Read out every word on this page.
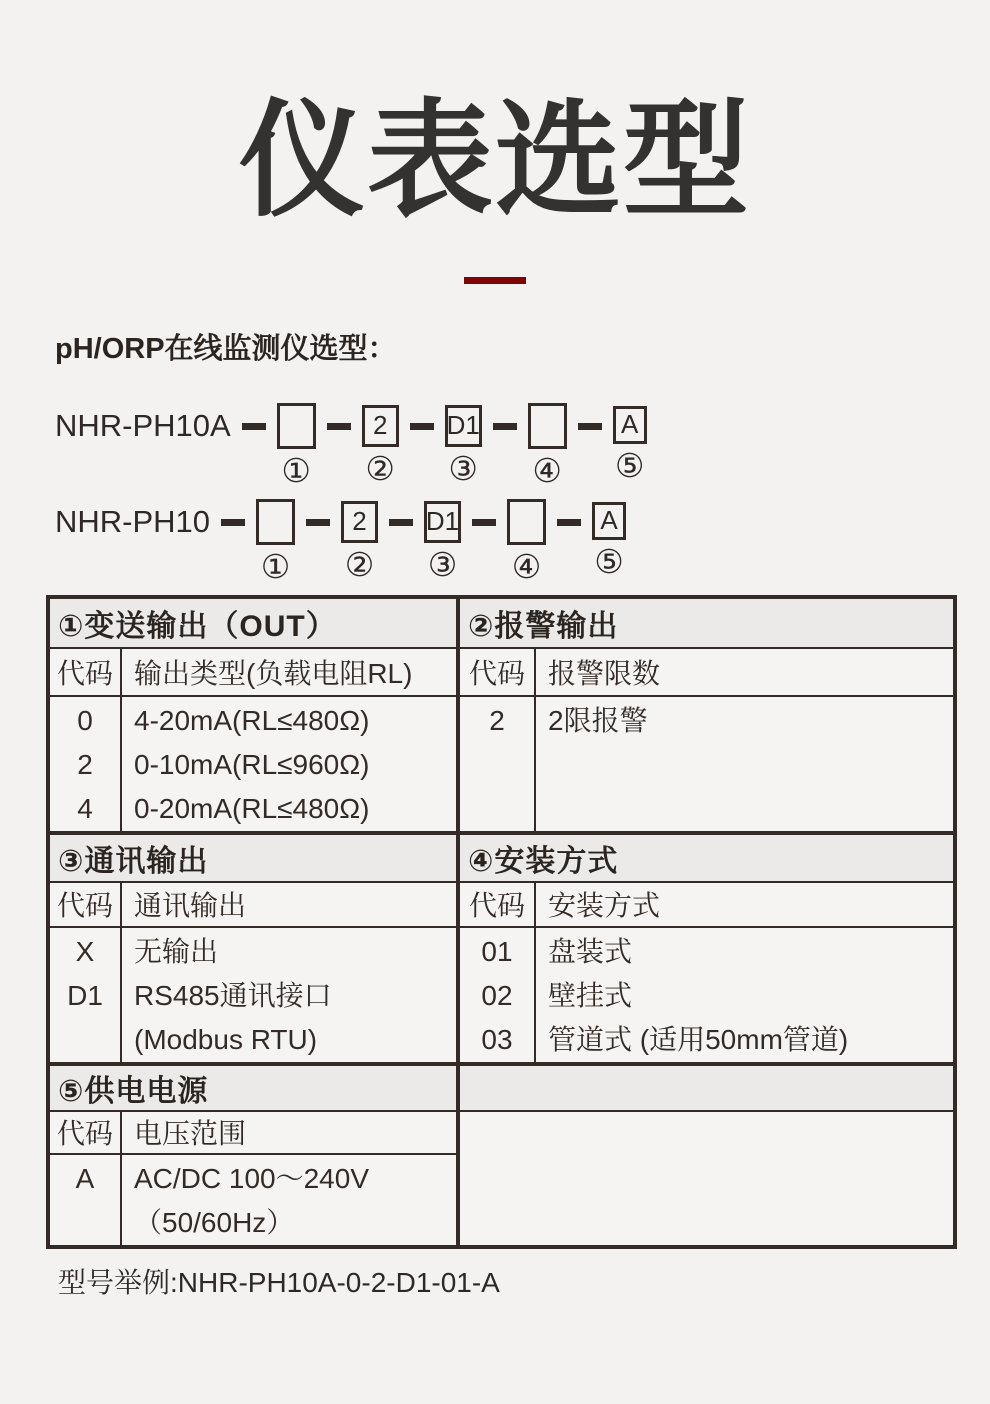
仪表选型
pH/ORP在线监测仪选型：
NHR-PH10A
①
2
②
D1
③ ④
A
⑤
NHR-PH10
①
2
②
D1
③ ④
A
⑤
①变送输出（OUT）
代码 输出类型(负载电阻RL)
0
2
4
4-20mA(RL≤480Ω)
0-10mA(RL≤960Ω)
0-20mA(RL≤480Ω)
②报警输出
代码 报警限数
2	2限报警
③通讯输出
代码 通讯输出
X
D1
无输出
RS485通讯接口
(Modbus RTU)
④安装方式
代码 安装方式
01
02
03
盘装式
壁挂式
管道式 (适用50mm管道)
⑤供电电源
代码 电压范围
A	AC/DC 100～240V
（50/60Hz）
型号举例:NHR-PH10A-0-2-D1-01-A
